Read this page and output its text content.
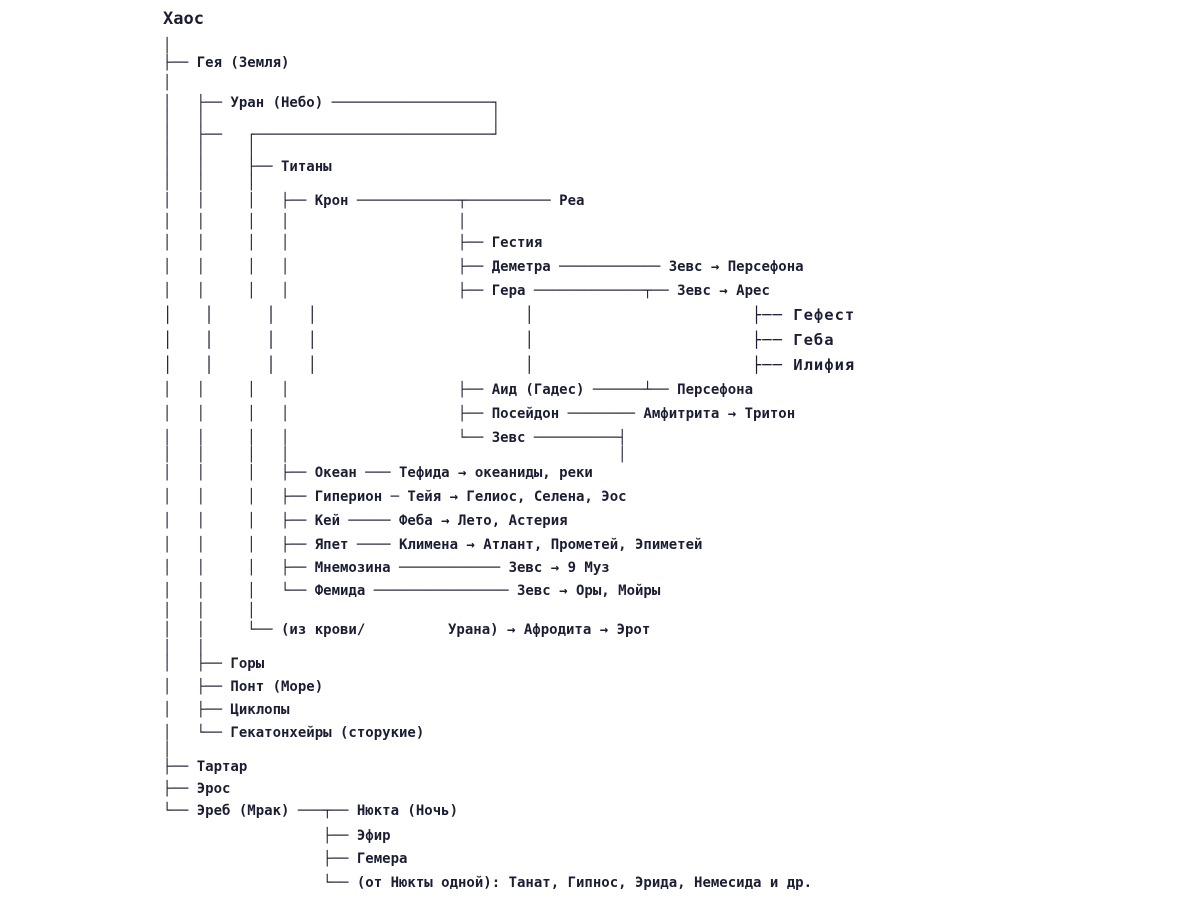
Хаос
│
├── Гея (Земля)
│
│   ├── Уран (Небо) ───────────────────┐
│   │                                  │
│   ├──   ┌────────────────────────────┘
│   │     │
│   │     ├── Титаны
│   │     │
│   │     │   ├── Крон ────────────┬────────── Реа
│   │     │   │                    │
│   │     │   │                    ├── Гестия
│   │     │   │                    ├── Деметра ──────────── Зевс → Персефона
│   │     │   │                    ├── Гера ─────────────┬── Зевс → Арес
│   │     │   │                    │                     ├── Гефест
│   │     │   │                    │                     ├── Геба
│   │     │   │                    │                     ├── Илифия
│   │     │   │                    ├── Аид (Гадес) ──────┴── Персефона
│   │     │   │                    ├── Посейдон ──────── Амфитрита → Тритон
│   │     │   │                    └── Зевс ──────────┤
│   │     │   │                                       │
│   │     │   ├── Океан ─── Тефида → океаниды, реки
│   │     │   ├── Гиперион ─ Тейя → Гелиос, Селена, Эос
│   │     │   ├── Кей ───── Феба → Лето, Астерия
│   │     │   ├── Япет ──── Климена → Атлант, Прометей, Эпиметей
│   │     │   ├── Мнемозина ──────────── Зевс → 9 Муз
│   │     │   └── Фемида ──────────────── Зевс → Оры, Мойры
│   │     │
│   │     └── (из крови/	Урана) → Афродита → Эрот
│   │
│   ├── Горы
│   ├── Понт (Море)
│   ├── Циклопы
│   └── Гекатонхейры (сторукие)
│
├── Тартар
├── Эрос
└── Эреб (Мрак) ───┬── Нюкта (Ночь)
├── Эфир
├── Гемера
└── (от Нюкты одной): Танат, Гипнос, Эрида, Немесида и др.
